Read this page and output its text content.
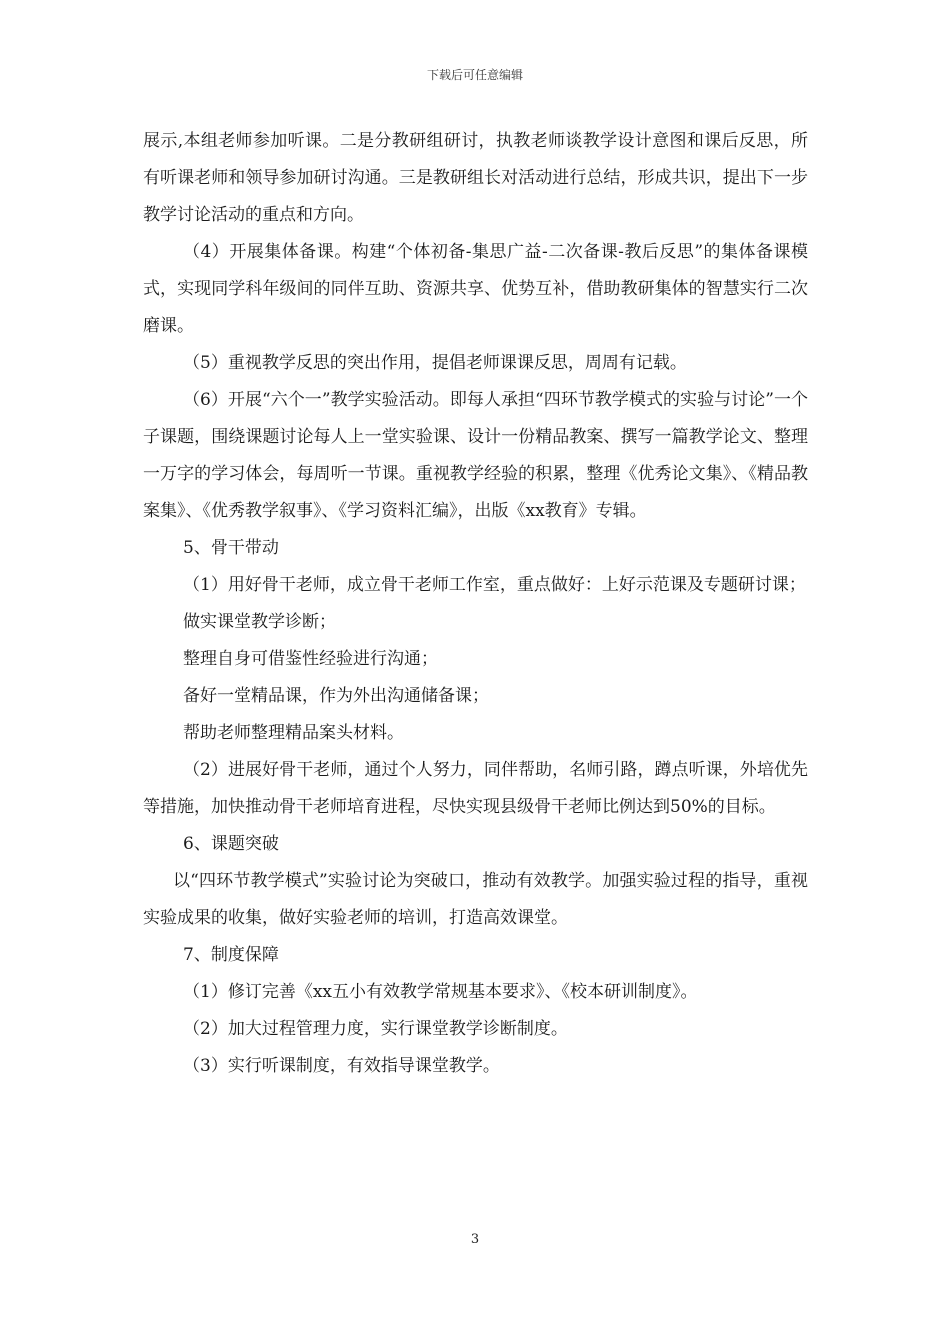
下载后可任意编辑

展示,本组老师参加听课。二是分教研组研讨，执教老师谈教学设计意图和课后反思，所有听课老师和领导参加研讨沟通。三是教研组长对活动进行总结，形成共识，提出下一步教学讨论活动的重点和方向。

（4）开展集体备课。构建“个体初备-集思广益-二次备课-教后反思”的集体备课模式，实现同学科年级间的同伴互助、资源共享、优势互补，借助教研集体的智慧实行二次磨课。

（5）重视教学反思的突出作用，提倡老师课课反思，周周有记载。

（6）开展“六个一”教学实验活动。即每人承担“四环节教学模式的实验与讨论”一个子课题，围绕课题讨论每人上一堂实验课、设计一份精品教案、撰写一篇教学论文、整理一万字的学习体会，每周听一节课。重视教学经验的积累，整理《优秀论文集》、《精品教案集》、《优秀教学叙事》、《学习资料汇编》，出版《xx教育》专辑。

5、骨干带动

（1）用好骨干老师，成立骨干老师工作室，重点做好：上好示范课及专题研讨课；

做实课堂教学诊断；

整理自身可借鉴性经验进行沟通；

备好一堂精品课，作为外出沟通储备课；

帮助老师整理精品案头材料。

（2）进展好骨干老师，通过个人努力，同伴帮助，名师引路，蹲点听课，外培优先等措施，加快推动骨干老师培育进程，尽快实现县级骨干老师比例达到50%的目标。

6、课题突破

以“四环节教学模式”实验讨论为突破口，推动有效教学。加强实验过程的指导，重视实验成果的收集，做好实验老师的培训，打造高效课堂。

7、制度保障

（1）修订完善《xx五小有效教学常规基本要求》、《校本研训制度》。

（2）加大过程管理力度，实行课堂教学诊断制度。

（3）实行听课制度，有效指导课堂教学。

3
